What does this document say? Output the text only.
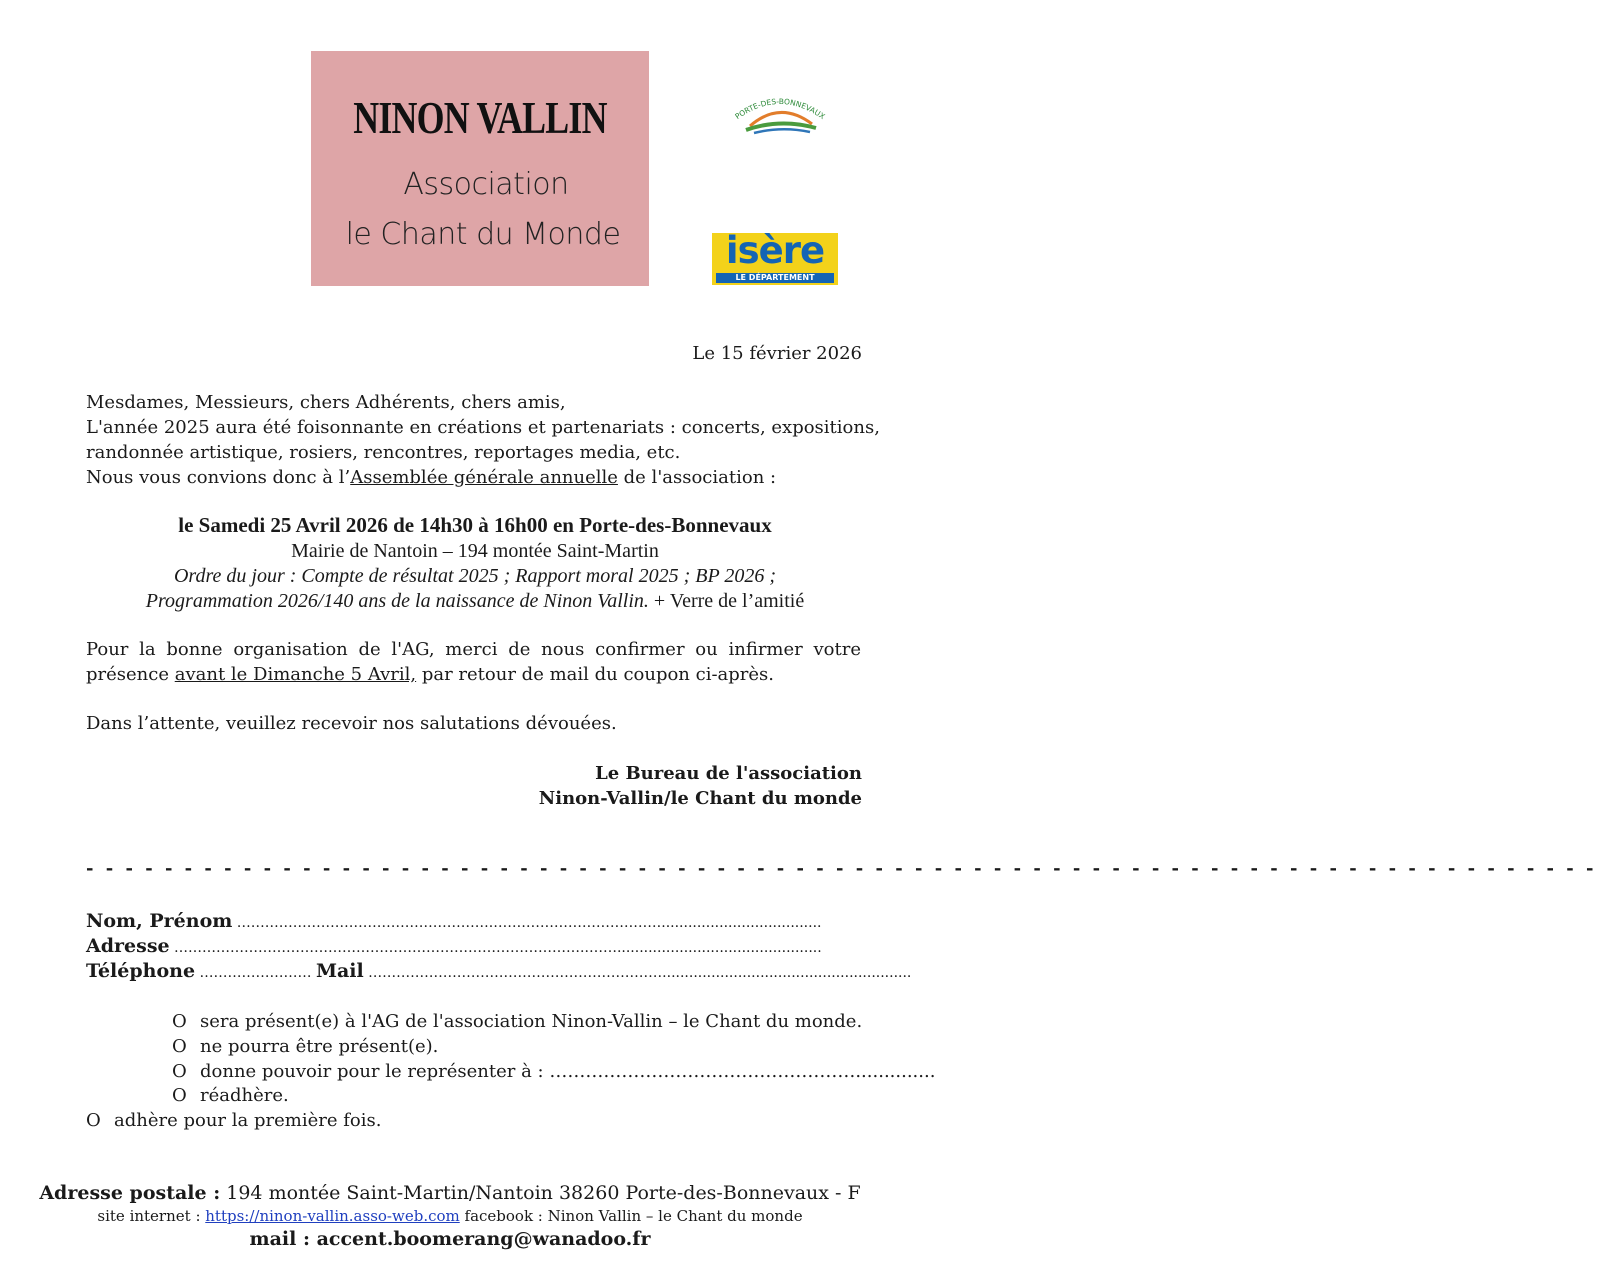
NINON VALLIN
Association
le Chant du Monde
PORTE-DES-BONNEVAUX
isère
LE DÉPARTEMENT
Le 15 février 2026
Mesdames, Messieurs, chers Adhérents, chers amis,
L'année 2025 aura été foisonnante en créations et partenariats : concerts, expositions,
randonnée artistique, rosiers, rencontres, reportages media, etc.
Nous vous convions donc à l’Assemblée générale annuelle de l'association :
le Samedi 25 Avril 2026 de 14h30 à 16h00 en Porte-des-Bonnevaux
Mairie de Nantoin – 194 montée Saint-Martin
Ordre du jour : Compte de résultat 2025 ; Rapport moral 2025 ; BP 2026 ;
Programmation 2026/140 ans de la naissance de Ninon Vallin. + Verre de l’amitié
Pour la bonne organisation de l'AG, merci de nous confirmer ou infirmer votre présence avant le Dimanche 5 Avril, par retour de mail du coupon ci-après.
Dans l’attente, veuillez recevoir nos salutations dévouées.
Le Bureau de l'association
Ninon-Vallin/le Chant du monde
- - - - - - - - - - - - - - - - - - - - - - - - - - - - - - - - - - - - - - - - - - - - - - - - - - - - - - - - - - - - - - - - - - - - - - - - - - - - -
Nom, Prénom ……………………………………………….………………………………....................................
Adresse ……………………………………………………………………………..……..............................................
Téléphone …………………… Mail ………………………………………………………........................................................
O sera présent(e) à l'AG de l'association Ninon-Vallin – le Chant du monde.
O ne pourra être présent(e).
O donne pouvoir pour le représenter à : ……………………………………………..............
O réadhère.
O adhère pour la première fois.
Adresse postale : 194 montée Saint-Martin/Nantoin 38260 Porte-des-Bonnevaux - F
site internet : https://ninon-vallin.asso-web.com facebook : Ninon Vallin – le Chant du monde
mail : accent.boomerang@wanadoo.fr
